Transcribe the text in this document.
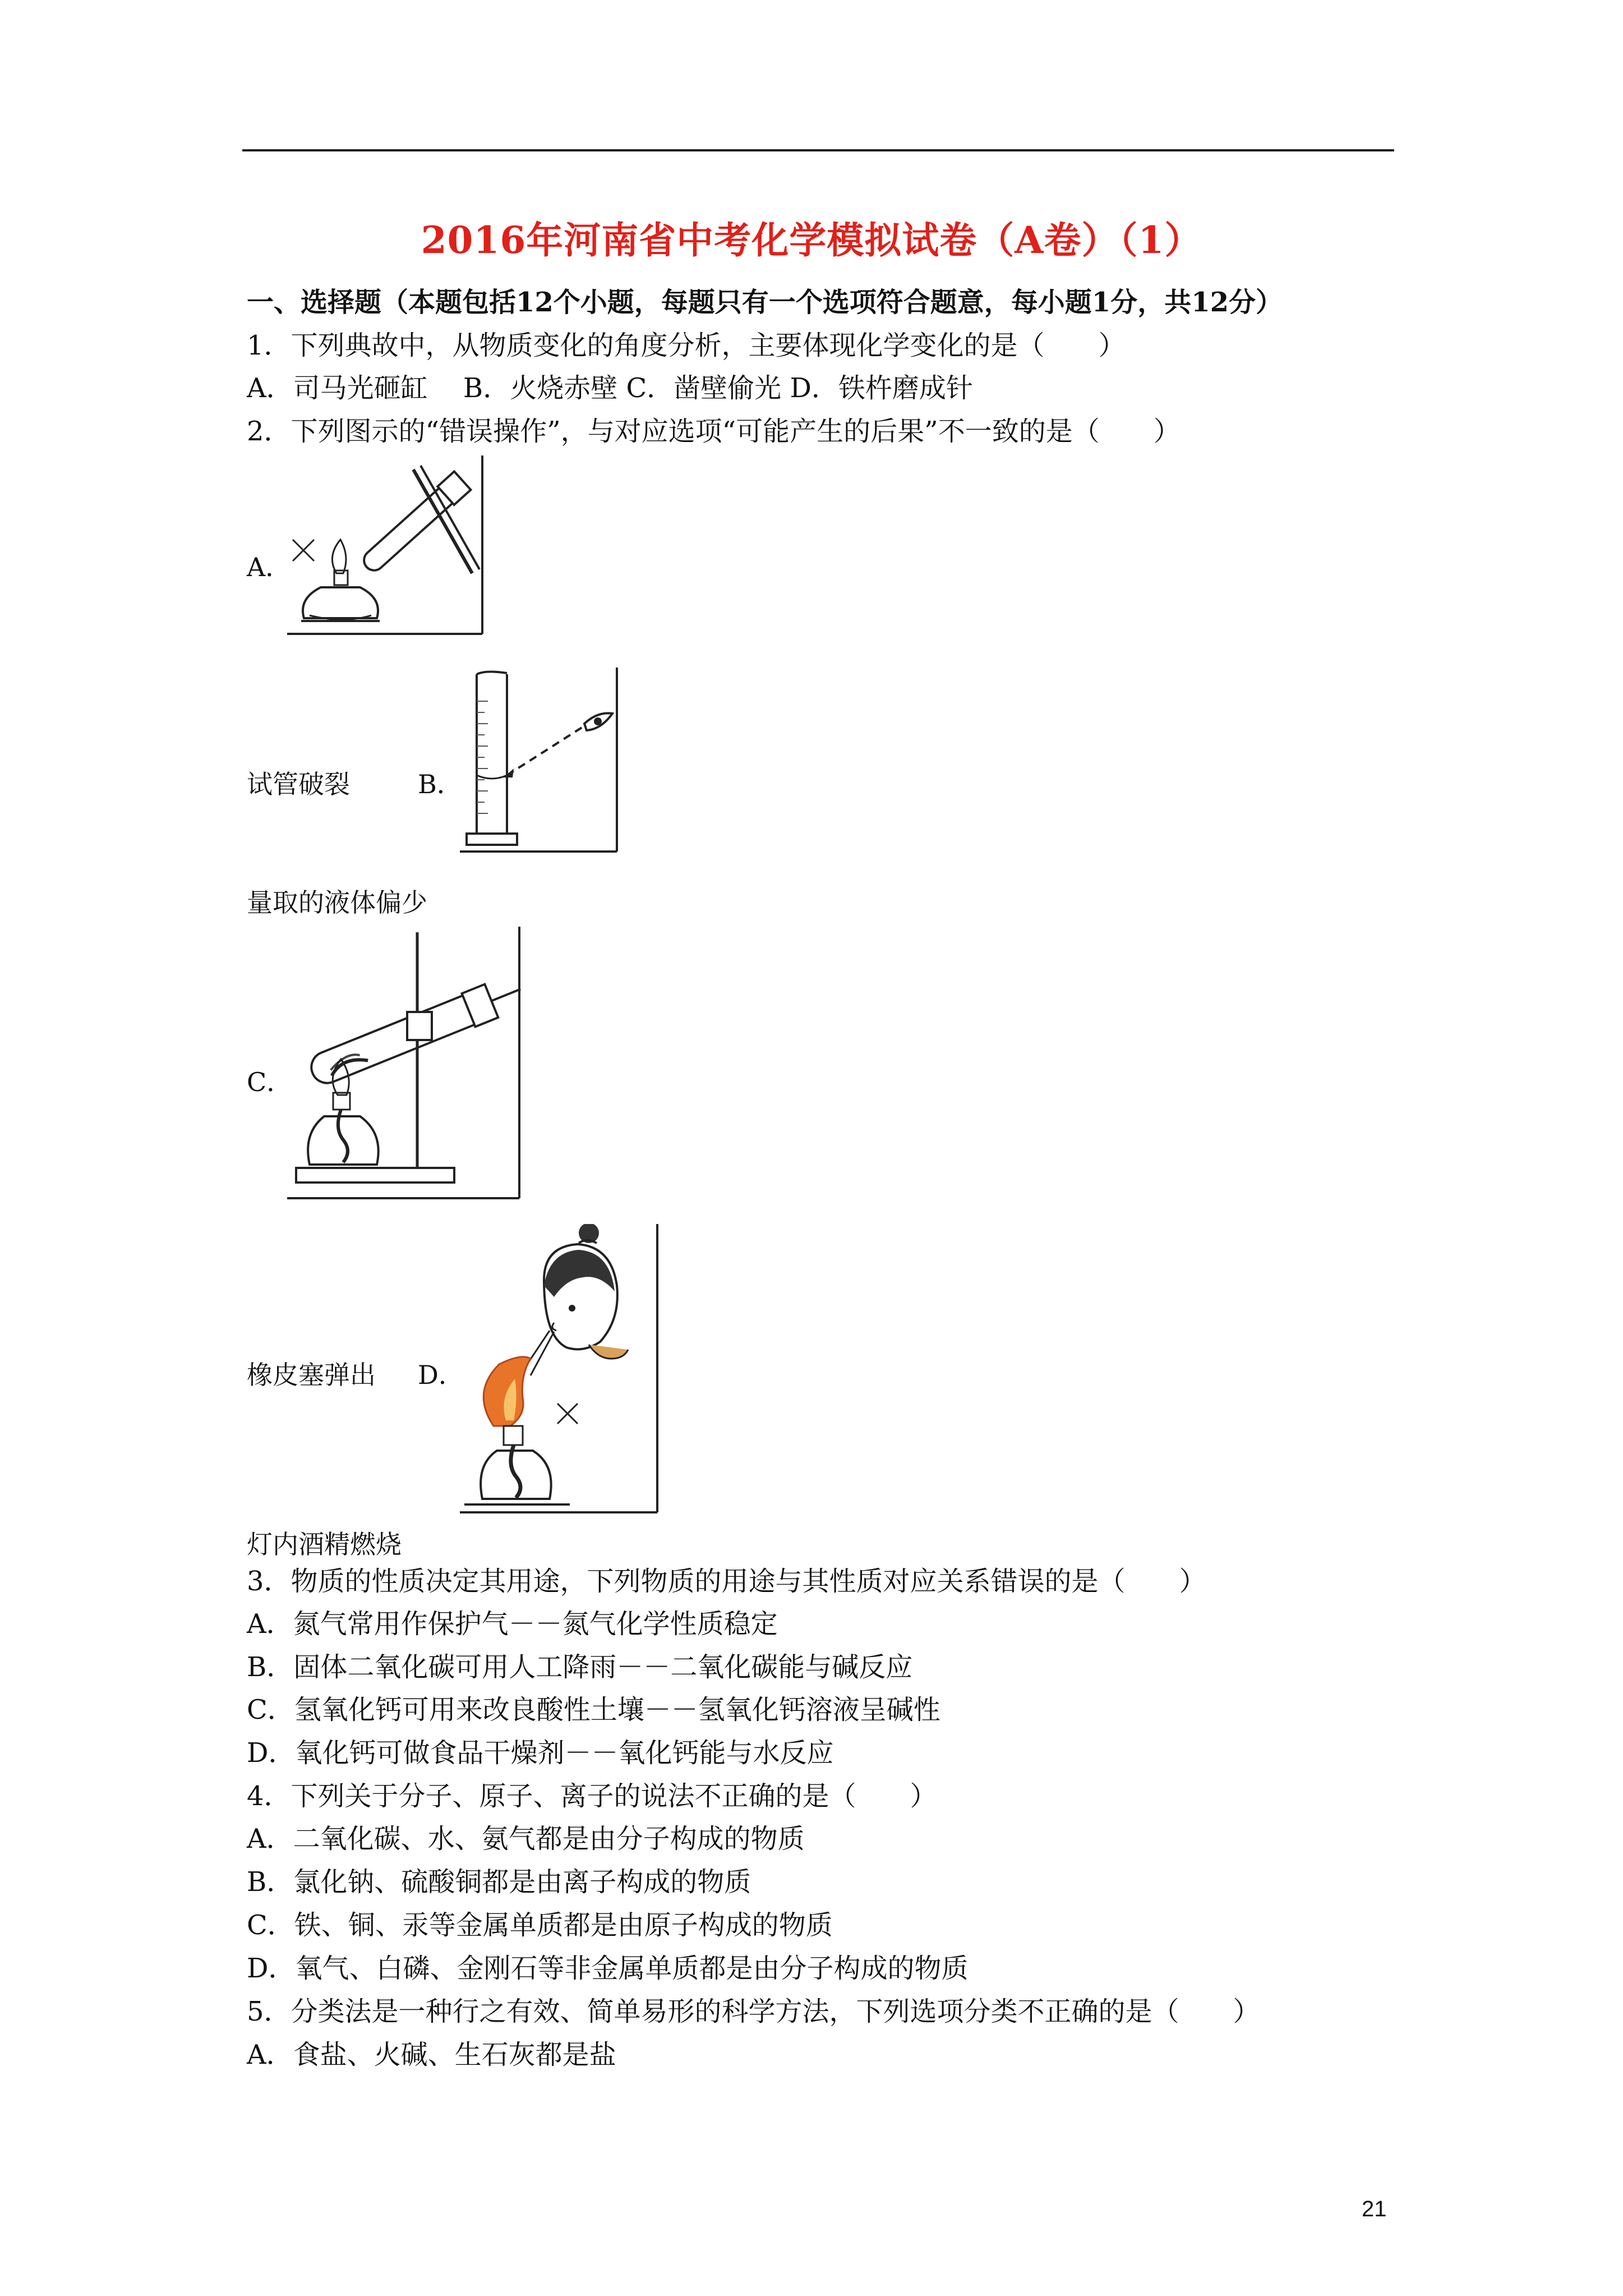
2016年河南省中考化学模拟试卷（A卷）（1）
一、选择题（本题包括12个小题，每题只有一个选项符合题意，每小题1分，共12分）
1．下列典故中，从物质变化的角度分析，主要体现化学变化的是（　　）
A．司马光砸缸　 B．火烧赤壁 C．凿壁偷光 D．铁杵磨成针
2．下列图示的“错误操作”，与对应选项“可能产生的后果”不一致的是（　　）
A．
试管破裂	B．
量取的液体偏少
C．
橡皮塞弹出 D．
灯内酒精燃烧
3．物质的性质决定其用途，下列物质的用途与其性质对应关系错误的是（　　）
A．氮气常用作保护气－－氮气化学性质稳定
B．固体二氧化碳可用人工降雨－－二氧化碳能与碱反应
C．氢氧化钙可用来改良酸性土壤－－氢氧化钙溶液呈碱性
D．氧化钙可做食品干燥剂－－氧化钙能与水反应
4．下列关于分子、原子、离子的说法不正确的是（　　）
A．二氧化碳、水、氨气都是由分子构成的物质
B．氯化钠、硫酸铜都是由离子构成的物质
C．铁、铜、汞等金属单质都是由原子构成的物质
D．氧气、白磷、金刚石等非金属单质都是由分子构成的物质
5．分类法是一种行之有效、简单易形的科学方法，下列选项分类不正确的是（　　）
A．食盐、火碱、生石灰都是盐
21
